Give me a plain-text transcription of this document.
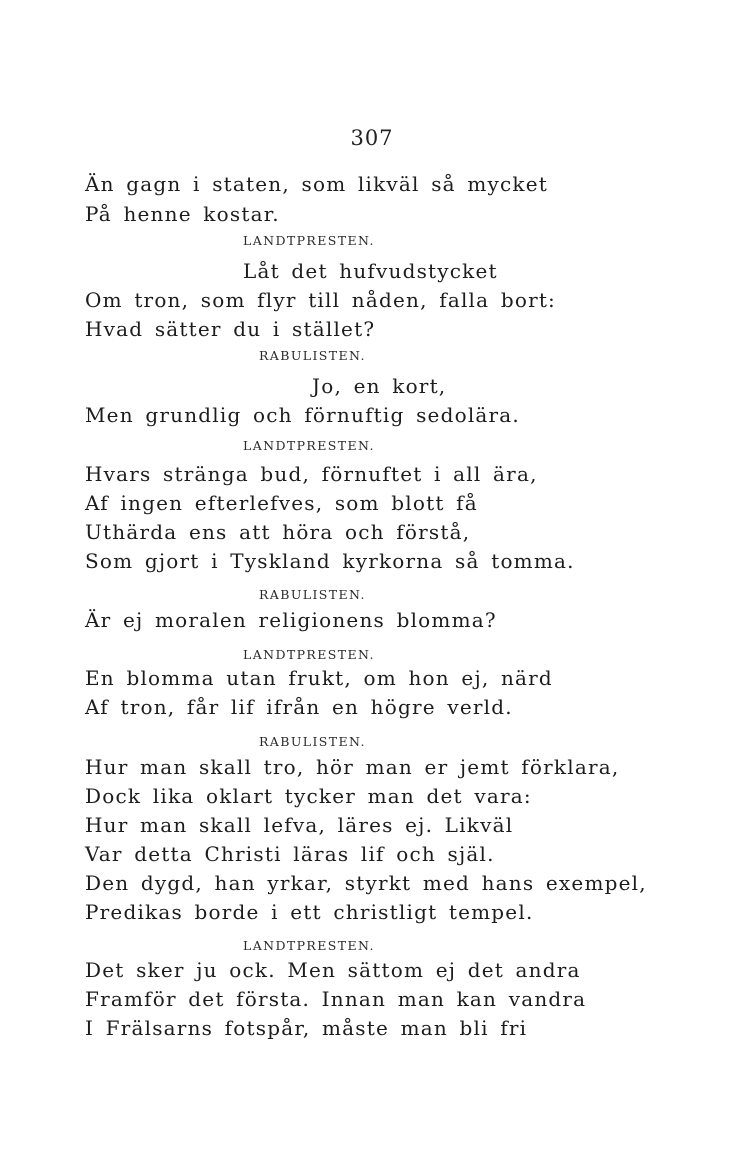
307
Än gagn i staten, som likväl så mycket
På henne kostar.
LANDTPRESTEN.
Låt det hufvudstycket
Om tron, som flyr till nåden, falla bort:
Hvad sätter du i stället?
RABULISTEN.
Jo, en kort,
Men grundlig och förnuftig sedolära.
LANDTPRESTEN.
Hvars stränga bud, förnuftet i all ära,
Af ingen efterlefves, som blott få
Uthärda ens att höra och förstå,
Som gjort i Tyskland kyrkorna så tomma.
RABULISTEN.
Är ej moralen religionens blomma?
LANDTPRESTEN.
En blomma utan frukt, om hon ej, närd
Af tron, får lif ifrån en högre verld.
RABULISTEN.
Hur man skall tro, hör man er jemt förklara,
Dock lika oklart tycker man det vara:
Hur man skall lefva, läres ej. Likväl
Var detta Christi läras lif och själ.
Den dygd, han yrkar, styrkt med hans exempel,
Predikas borde i ett christligt tempel.
LANDTPRESTEN.
Det sker ju ock. Men sättom ej det andra
Framför det första. Innan man kan vandra
I Frälsarns fotspår, måste man bli fri
